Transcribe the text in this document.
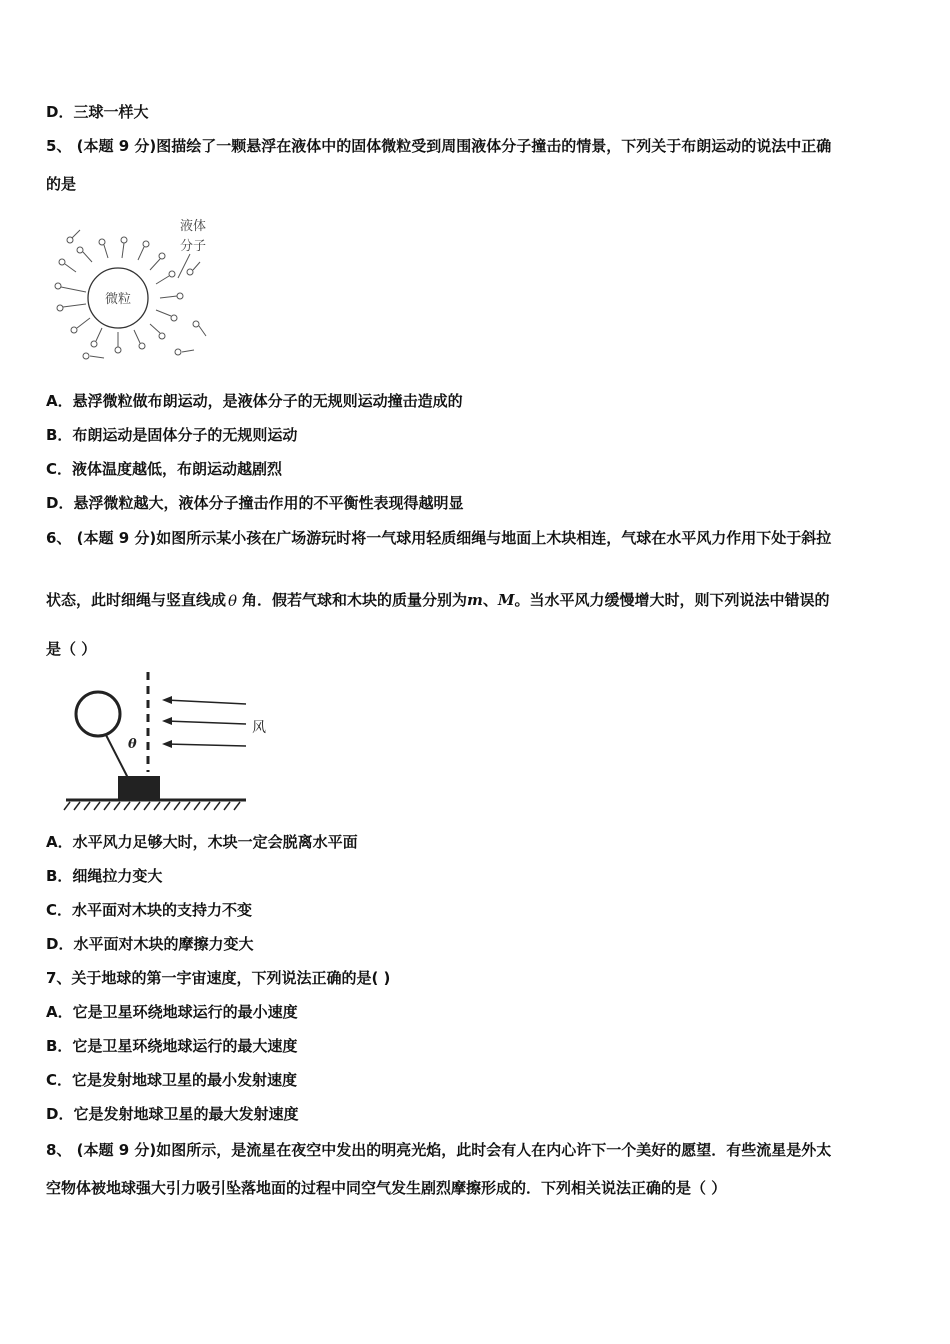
D．三球一样大
5、 (本题 9 分)图描绘了一颗悬浮在液体中的固体微粒受到周围液体分子撞击的情景，下列关于布朗运动的说法中正确
的是
微粒
液体
分子
A．悬浮微粒做布朗运动，是液体分子的无规则运动撞击造成的
B．布朗运动是固体分子的无规则运动
C．液体温度越低，布朗运动越剧烈
D．悬浮微粒越大，液体分子撞击作用的不平衡性表现得越明显
6、 (本题 9 分)如图所示某小孩在广场游玩时将一气球用轻质细绳与地面上木块相连，气球在水平风力作用下处于斜拉
状态，此时细绳与竖直线成 θ 角．假若气球和木块的质量分别为m、M。当水平风力缓慢增大时，则下列说法中错误的
是（ ）
θ
风
A．水平风力足够大时，木块一定会脱离水平面
B．细绳拉力变大
C．水平面对木块的支持力不变
D．水平面对木块的摩擦力变大
7、关于地球的第一宇宙速度，下列说法正确的是( )
A．它是卫星环绕地球运行的最小速度
B．它是卫星环绕地球运行的最大速度
C．它是发射地球卫星的最小发射速度
D．它是发射地球卫星的最大发射速度
8、 (本题 9 分)如图所示，是流星在夜空中发出的明亮光焰，此时会有人在内心许下一个美好的愿望．有些流星是外太
空物体被地球强大引力吸引坠落地面的过程中同空气发生剧烈摩擦形成的．下列相关说法正确的是（ ）
